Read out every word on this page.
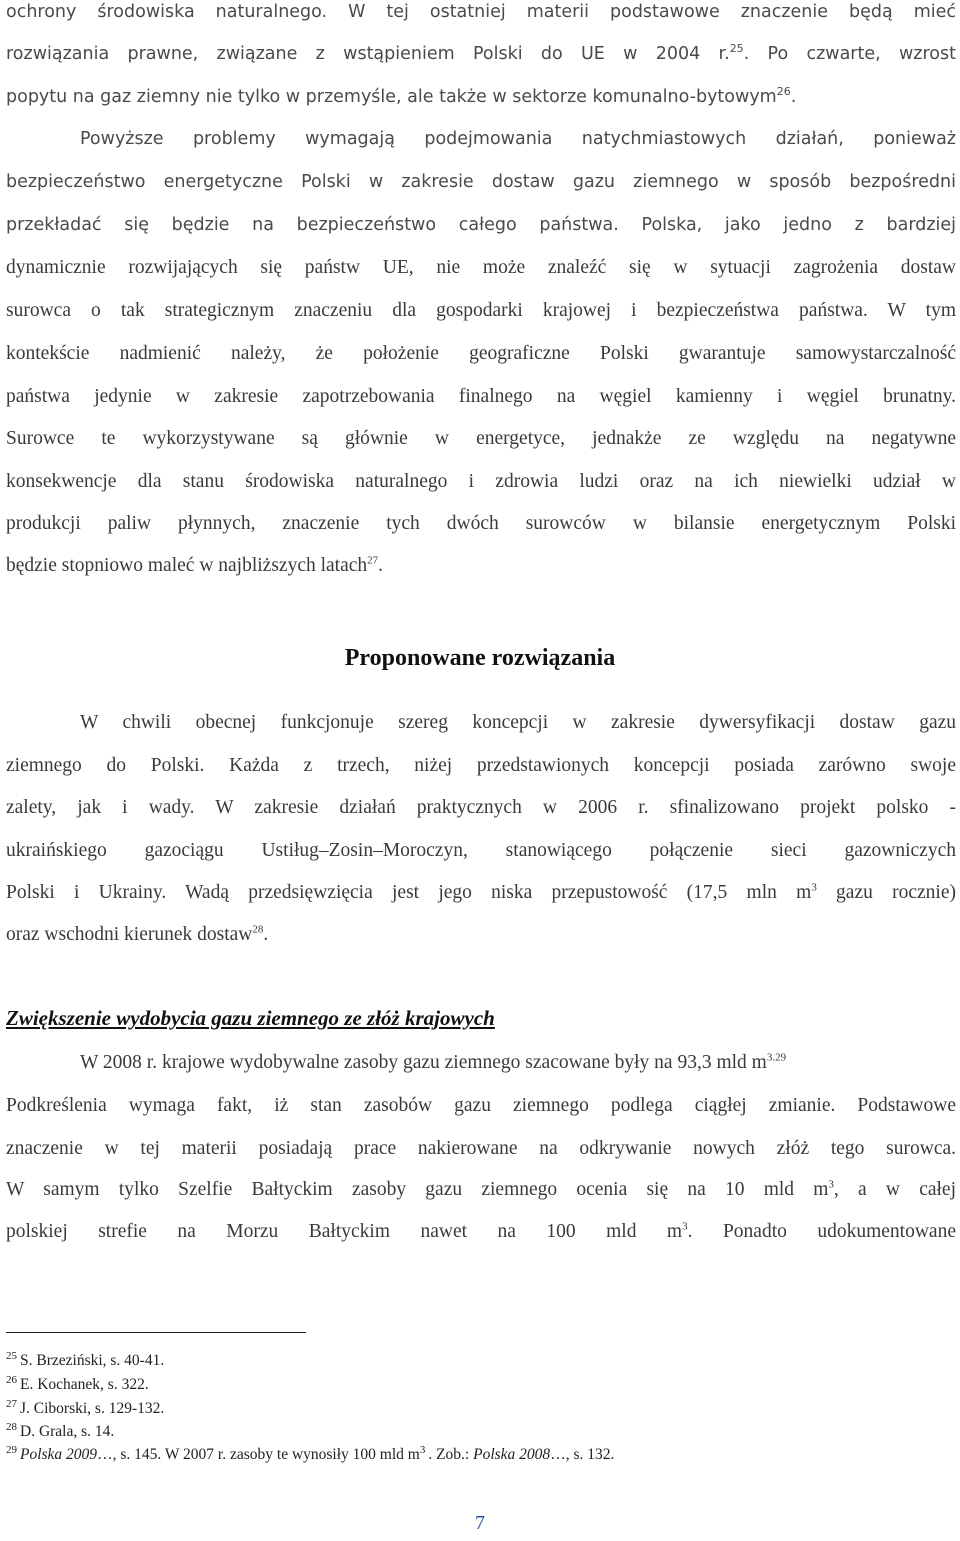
ochrony środowiska naturalnego. W tej ostatniej materii podstawowe znaczenie będą mieć
rozwiązania prawne, związane z wstąpieniem Polski do UE w 2004 r.$^{25}$. Po czwarte, wzrost
popytu na gaz ziemny nie tylko w przemyśle, ale także w sektorze komunalno-bytowym$^{26}$.
Powyższe problemy wymagają podejmowania natychmiastowych działań, ponieważ
bezpieczeństwo energetyczne Polski w zakresie dostaw gazu ziemnego w sposób bezpośredni
przekładać się będzie na bezpieczeństwo całego państwa. Polska, jako jedno z bardziej
dynamicznie rozwijających się państw UE, nie może znaleźć się w sytuacji zagrożenia dostaw
surowca o tak strategicznym znaczeniu dla gospodarki krajowej i bezpieczeństwa państwa. W tym
kontekście nadmienić należy, że położenie geograficzne Polski gwarantuje samowystarczalność
państwa jedynie w zakresie zapotrzebowania finalnego na węgiel kamienny i węgiel brunatny.
Surowce te wykorzystywane są głównie w energetyce, jednakże ze względu na negatywne
konsekwencje dla stanu środowiska naturalnego i zdrowia ludzi oraz na ich niewielki udział w
produkcji paliw płynnych, znaczenie tych dwóch surowców w bilansie energetycznym Polski
będzie stopniowo maleć w najbliższych latach$^{27}$.
Proponowane rozwiązania
W chwili obecnej funkcjonuje szereg koncepcji w zakresie dywersyfikacji dostaw gazu
ziemnego do Polski. Każda z trzech, niżej przedstawionych koncepcji posiada zarówno swoje
zalety, jak i wady. W zakresie działań praktycznych w 2006 r. sfinalizowano projekt polsko -
ukraińskiego gazociągu Ustiług–Zosin–Moroczyn, stanowiącego połączenie sieci gazowniczych
Polski i Ukrainy. Wadą przedsięwzięcia jest jego niska przepustowość (17,5 mln $m^3$ gazu rocznie)
oraz wschodni kierunek dostaw$^{28}$.
Zwiększenie wydobycia gazu ziemnego ze złóż krajowych
W 2008 r. krajowe wydobywalne zasoby gazu ziemnego szacowane były na 93,3 mld $m^{3.29}$
Podkreślenia wymaga fakt, iż stan zasobów gazu ziemnego podlega ciągłej zmianie. Podstawowe
znaczenie w tej materii posiadają prace nakierowane na odkrywanie nowych złóż tego surowca.
W samym tylko Szelfie Bałtyckim zasoby gazu ziemnego ocenia się na 10 mld $m^3$, a w całej
polskiej strefie na Morzu Bałtyckim nawet na 100 mld $m^3$. Ponadto udokumentowane
$^{25}$ S. Brzeziński, s. 40-41.
$^{26}$ E. Kochanek, s. 322.
$^{27}$ J. Ciborski, s. 129-132.
$^{28}$ D. Grala, s. 14.
$^{29}$ Polska 2009…, s. 145. W 2007 r. zasoby te wynosiły 100 mld $m^3$ . Zob.: Polska 2008…, s. 132.
7
